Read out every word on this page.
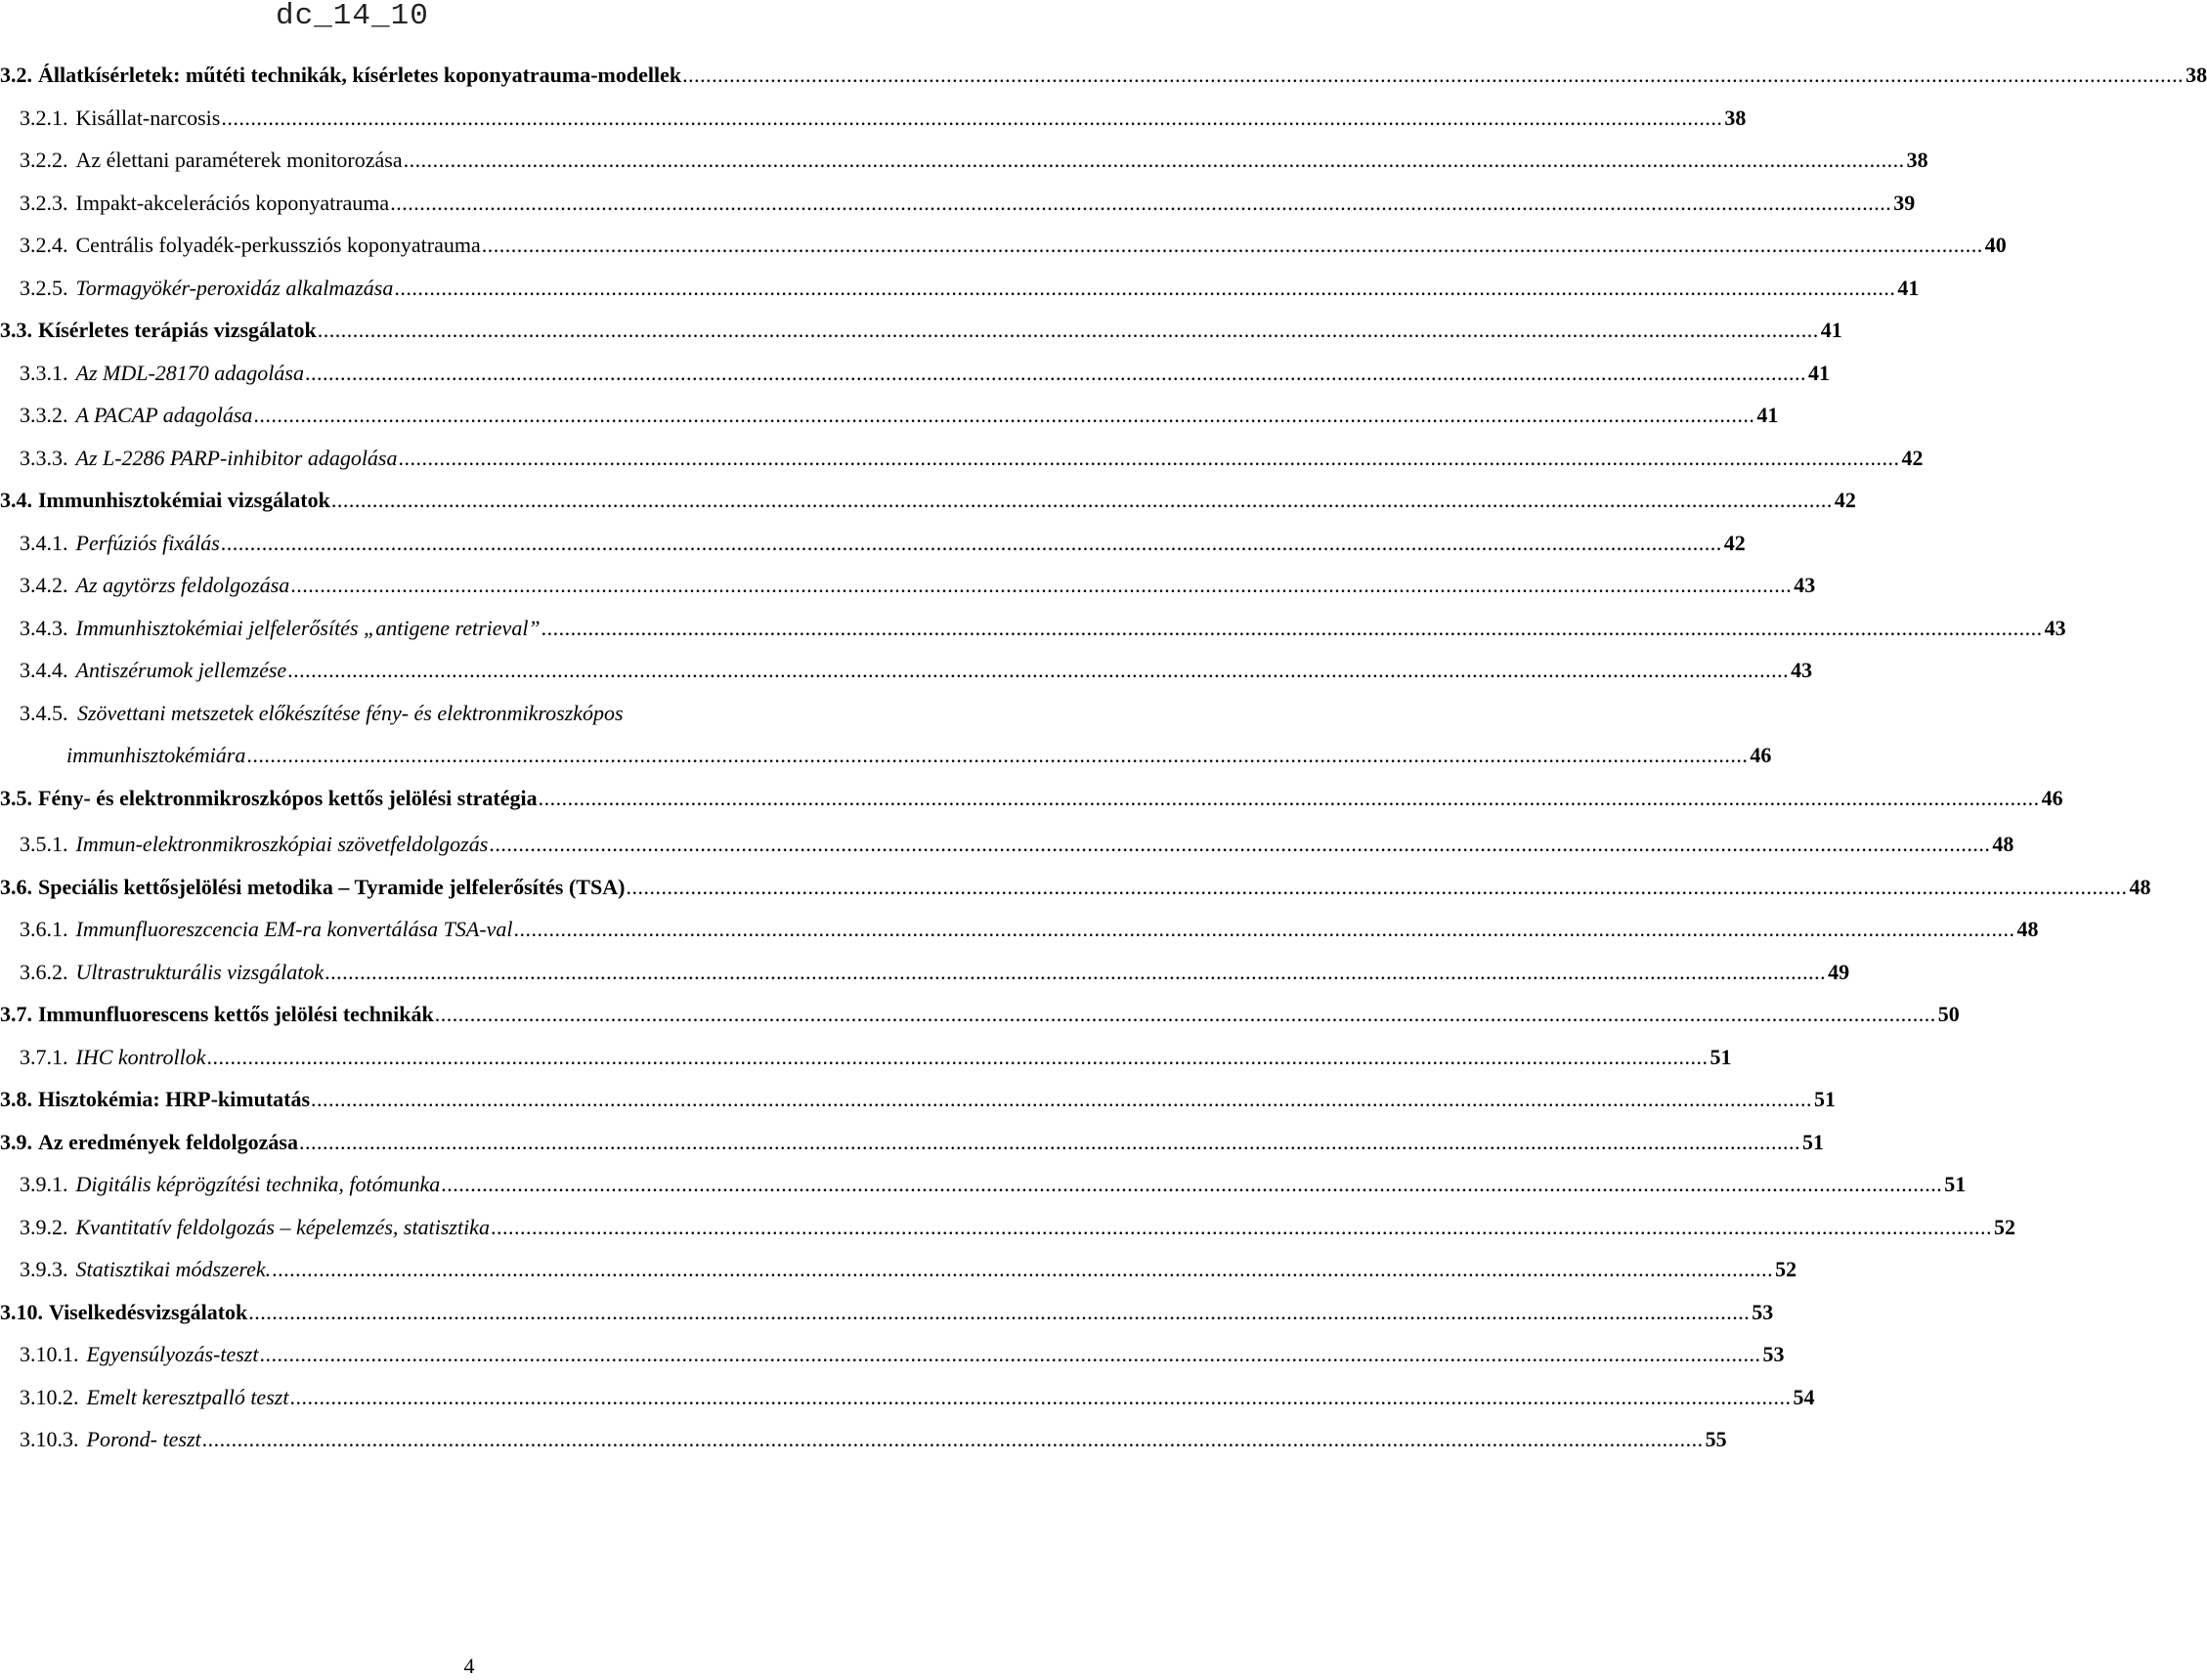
dc_14_10
3.2. Állatkísérletek: műtéti technikák, kísérletes koponyatrauma-modellek .....	38
3.2.1. Kisállat-narcosis .....	38
3.2.2. Az élettani paraméterek monitorozása .....	38
3.2.3. Impakt-akcelerációs koponyatrauma .....	39
3.2.4. Centrális folyadék-perkussziós koponyatrauma .....	40
3.2.5. Tormagyökér-peroxidáz alkalmazása .....	41
3.3. Kísérletes terápiás vizsgálatok .....	41
3.3.1. Az MDL-28170 adagolása .....	41
3.3.2. A PACAP adagolása .....	41
3.3.3. Az L-2286 PARP-inhibitor adagolása .....	42
3.4. Immunhisztokémiai vizsgálatok .....	42
3.4.1. Perfúziós fixálás .....	42
3.4.2. Az agytörzs feldolgozása .....	43
3.4.3. Immunhisztokémiai jelfelerősítés „antigene retrieval” .....	43
3.4.4. Antiszérumok jellemzése .....	43
3.4.5. Szövettani metszetek előkészítése fény- és elektronmikroszkópos
immunhisztokémiára .....	46
3.5. Fény- és elektronmikroszkópos kettős jelölési stratégia .....	46
3.5.1. Immun-elektronmikroszkópiai szövetfeldolgozás .....	48
3.6. Speciális kettősjelölési metodika – Tyramide jelfelerősítés (TSA) .....	48
3.6.1. Immunfluoreszcencia EM-ra konvertálása TSA-val .....	48
3.6.2. Ultrastrukturális vizsgálatok .....	49
3.7. Immunfluorescens kettős jelölési technikák .....	50
3.7.1. IHC kontrollok .....	51
3.8. Hisztokémia: HRP-kimutatás .....	51
3.9. Az eredmények feldolgozása .....	51
3.9.1. Digitális képrögzítési technika, fotómunka .....	51
3.9.2. Kvantitatív feldolgozás – képelemzés, statisztika .....	52
3.9.3. Statisztikai módszerek. .....	52
3.10. Viselkedésvizsgálatok .....	53
3.10.1. Egyensúlyozás-teszt .....	53
3.10.2. Emelt keresztpalló teszt .....	54
3.10.3. Porond- teszt .....	55
4
